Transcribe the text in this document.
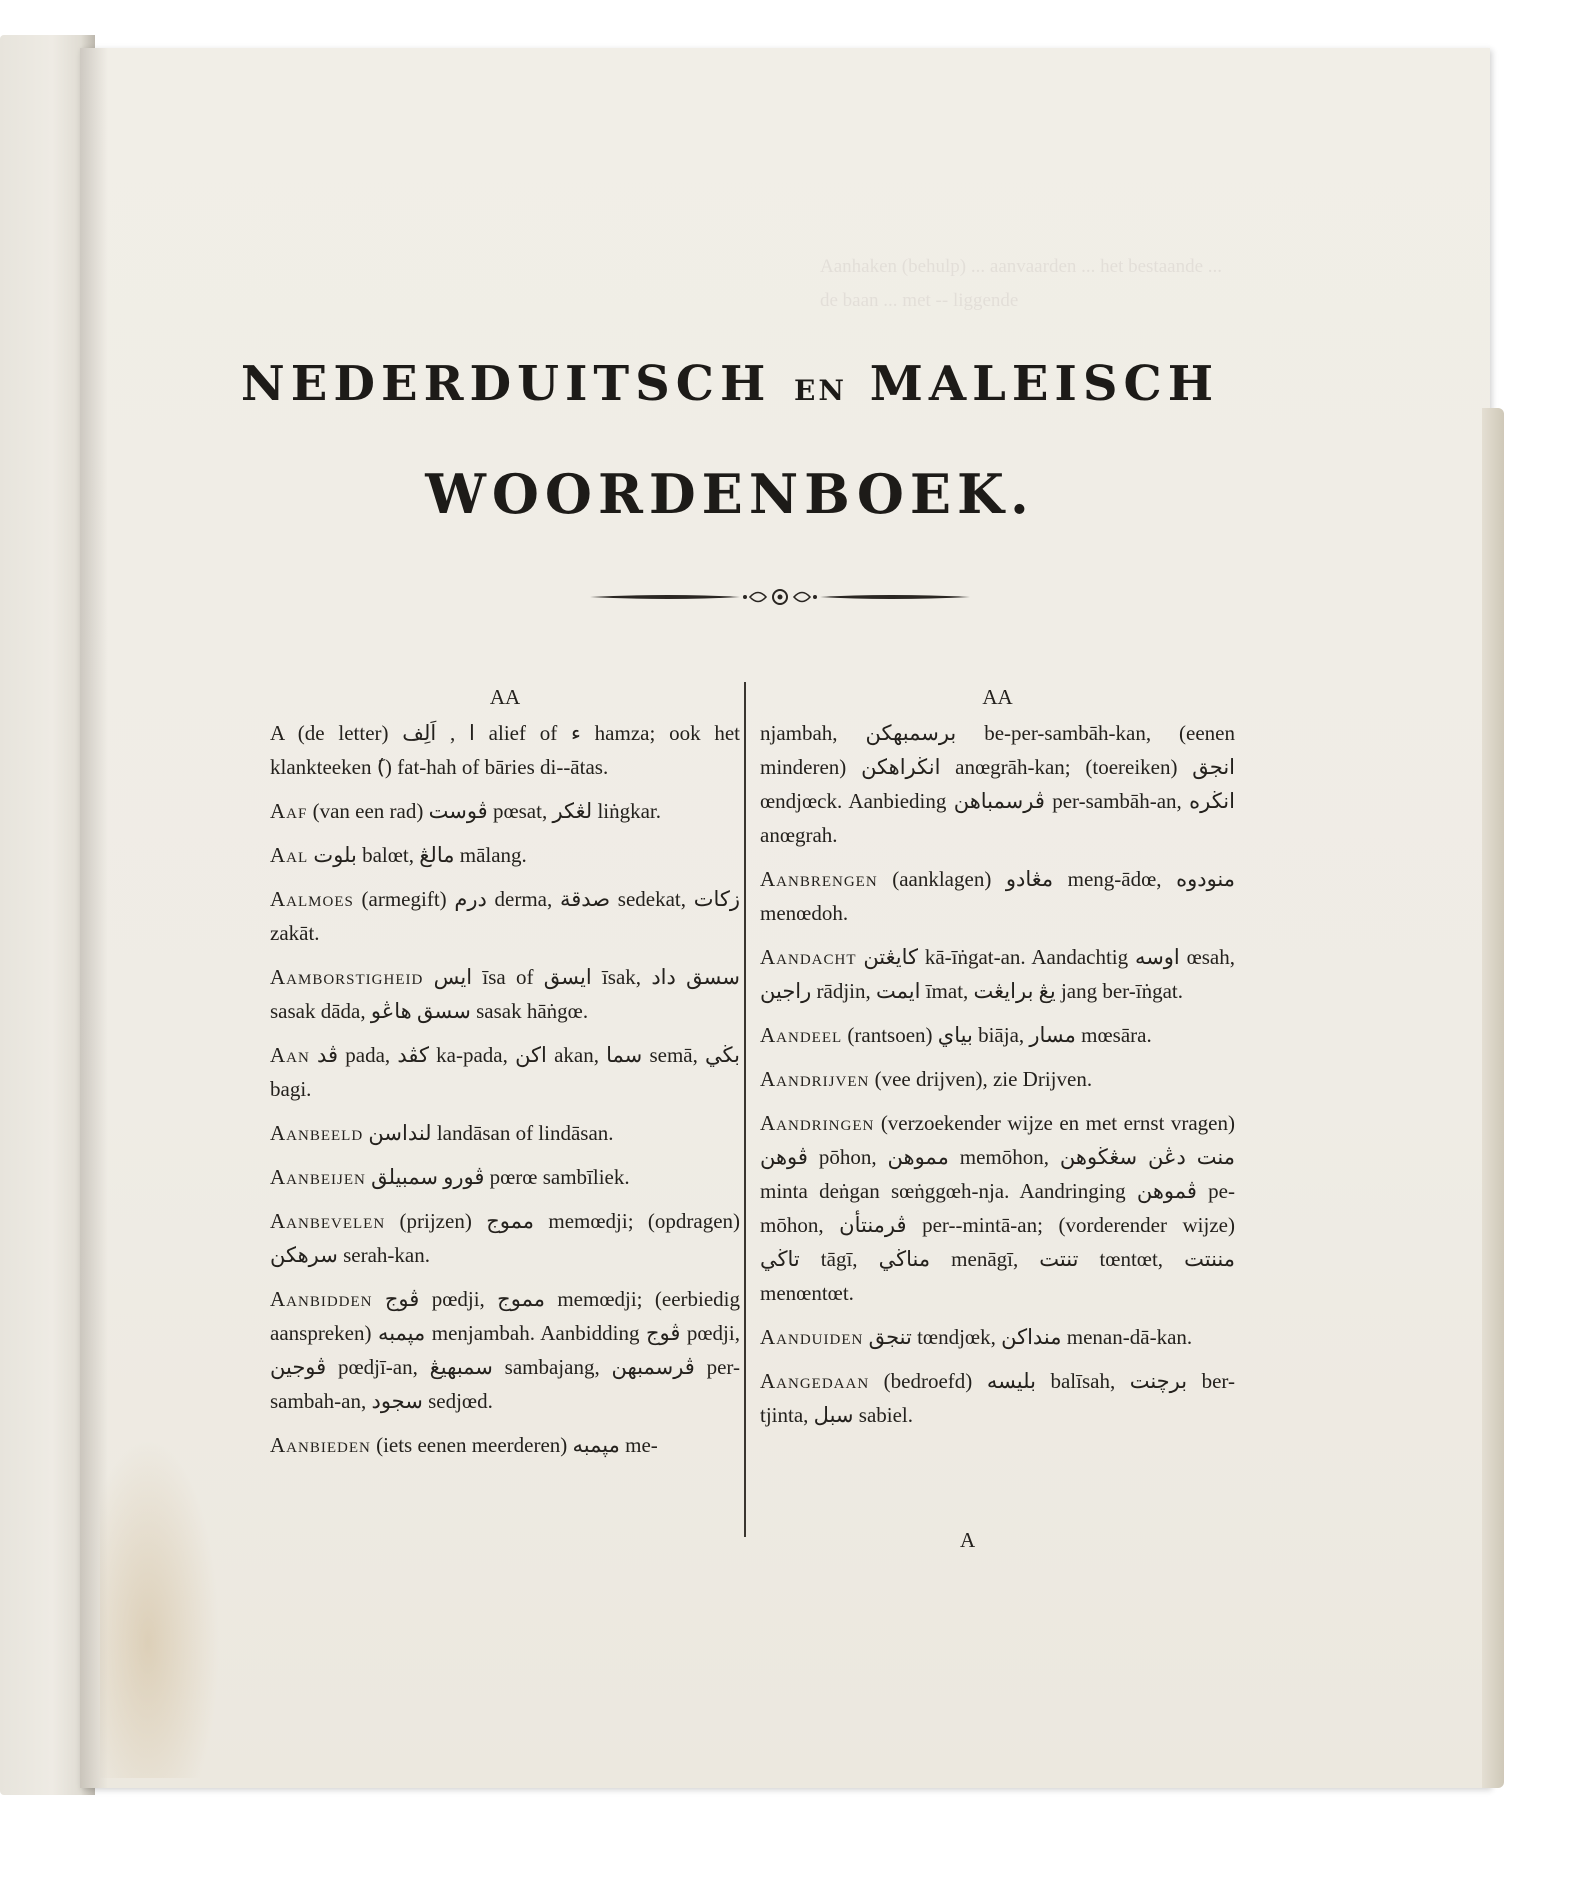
Aanhaken (behulp) ... aanvaarden ... het bestaande ... de baan ... met -- liggende
NEDERDUITSCH EN MALEISCH
WOORDENBOEK.
AA
A (de letter) ا , اَلِف alief of ء hamza; ook het klankteeken (َ) fat-hah of bāries di--ātas.
Aaf (van een rad) ڤوست pœsat, لڠكر liṅgkar.
Aal بلوت balœt, مالڠ mālang.
Aalmoes (armegift) درم derma, صدقة sedekat, زكات zakāt.
Aamborstigheid ايس īsa of ايسق īsak, سسق داد sasak dāda, سسق هاڠو sasak hāṅgœ.
Aan ڤد pada, کڤد ka-pada, اکن akan, سما semā, بڬي bagi.
Aanbeeld لنداسن landāsan of lindāsan.
Aanbeijen ڤورو سمبيلق pœrœ sambīliek.
Aanbevelen (prijzen) مموج memœdji; (opdragen) سرهکن serah-kan.
Aanbidden ڤوج pœdji, مموج memœdji; (eerbiedig aanspreken) مپمبه menjambah. Aanbidding ڤوج pœdji, ڤوجين pœdjī-an, سمبهيڠ sambajang, ڤرسمبهن per-sambah-an, سجود sedjœd.
Aanbieden (iets eenen meerderen) مپمبه me-
AA
njambah, برسمبهکن be-per-sambāh-kan, (eenen minderen) انڬراهکن anœgrāh-kan; (toereiken) انجق œndjœck. Aanbieding ڤرسمباهن per-sambāh-an, انڬره anœgrah.
Aanbrengen (aanklagen) مڠادو meng-ādœ, منودوه menœdoh.
Aandacht کايڠتن kā-īṅgat-an. Aandachtig اوسه œsah, راجين rādjin, ايمت īmat, يڠ برايڠت jang ber-īṅgat.
Aandeel (rantsoen) بياي biāja, مسار mœsāra.
Aandrijven (vee drijven), zie Drijven.
Aandringen (verzoekender wijze en met ernst vragen) ڤوهن pōhon, مموهن memōhon, منت دڠن سڠڬوهن minta deṅgan sœṅggœh-nja. Aandringing ڤموهن pe-mōhon, ڤرمنتأن per--mintā-an; (vorderender wijze) تاڬي tāgī, مناڬي menāgī, تنتت tœntœt, مننتت menœntœt.
Aanduiden تنجق tœndjœk, منداکن menan-dā-kan.
Aangedaan (bedroefd) بليسه balīsah, برچنت ber-tjinta, سبل sabiel.
A
